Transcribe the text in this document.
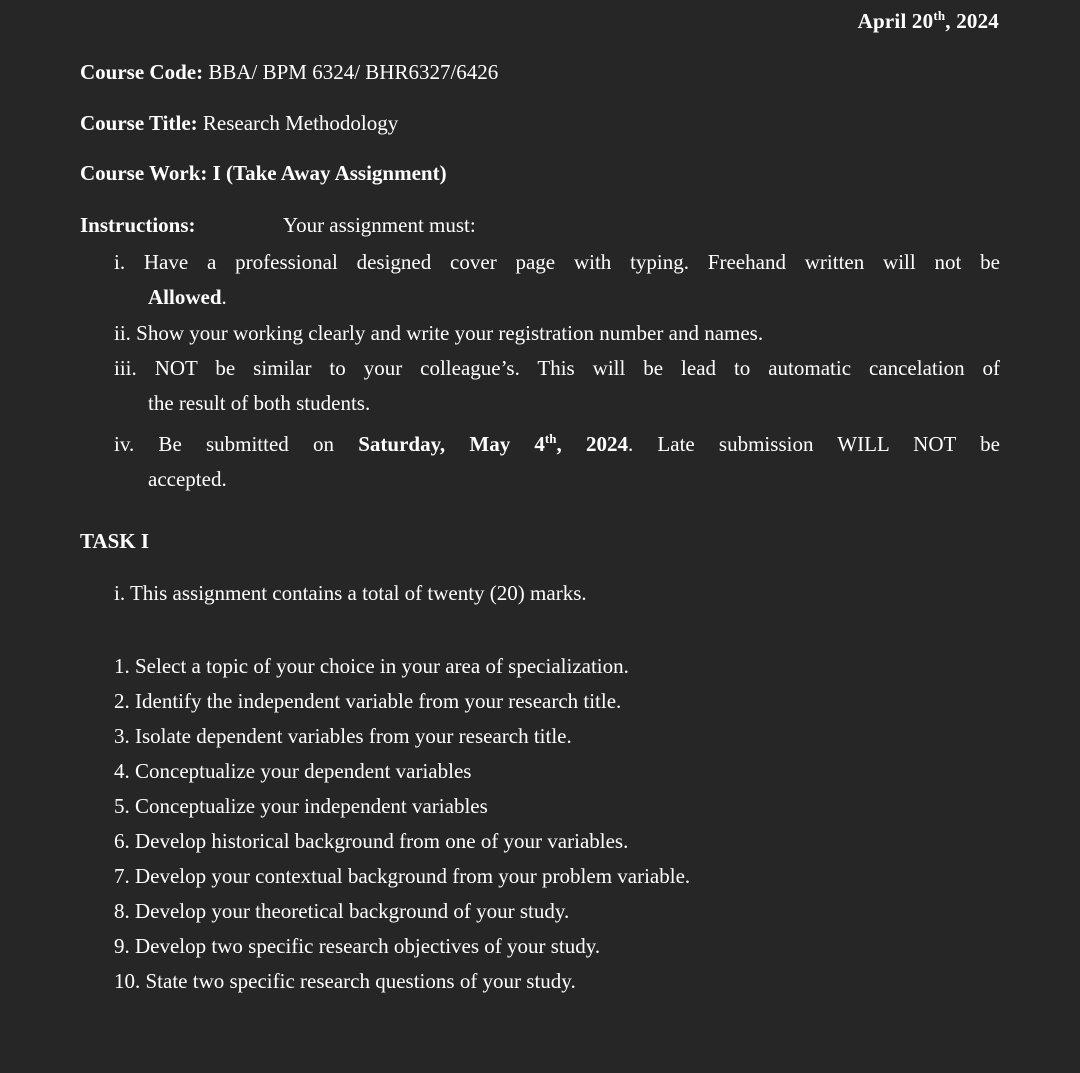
April 20th, 2024
Course Code: BBA/ BPM 6324/ BHR6327/6426
Course Title: Research Methodology
Course Work: I (Take Away Assignment)
Instructions:	Your assignment must:
i. Have a professional designed cover page with typing. Freehand written will not be
Allowed.
ii. Show your working clearly and write your registration number and names.
iii. NOT be similar to your colleague’s. This will be lead to automatic cancelation of
the result of both students.
iv. Be submitted on Saturday, May 4th, 2024. Late submission WILL NOT be
accepted.
TASK I
i. This assignment contains a total of twenty (20) marks.
1. Select a topic of your choice in your area of specialization.
2. Identify the independent variable from your research title.
3. Isolate dependent variables from your research title.
4. Conceptualize your dependent variables
5. Conceptualize your independent variables
6. Develop historical background from one of your variables.
7. Develop your contextual background from your problem variable.
8. Develop your theoretical background of your study.
9. Develop two specific research objectives of your study.
10. State two specific research questions of your study.
